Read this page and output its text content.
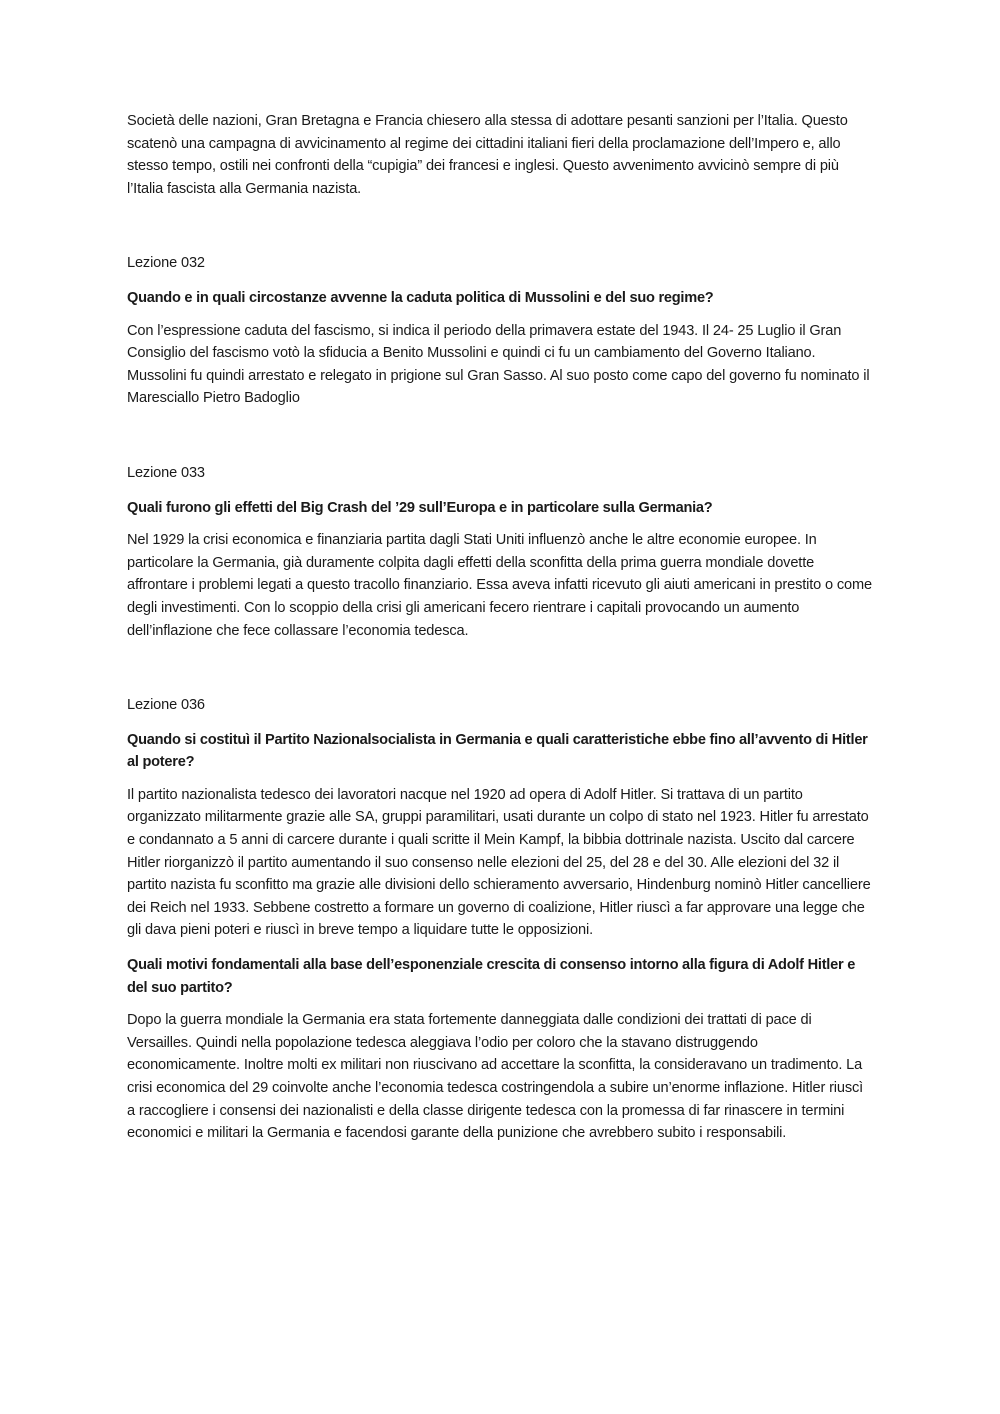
Società delle nazioni, Gran Bretagna e Francia chiesero alla stessa di adottare pesanti sanzioni per l’Italia. Questo scatenò una campagna di avvicinamento al regime dei cittadini italiani fieri della proclamazione dell’Impero e, allo stesso tempo, ostili nei confronti della “cupigia” dei francesi e inglesi. Questo avvenimento avvicinò sempre di più l’Italia fascista alla Germania nazista.

Lezione 032

Quando e in quali circostanze avvenne la caduta politica di Mussolini e del suo regime?

Con l’espressione caduta del fascismo, si indica il periodo della primavera estate del 1943. Il 24- 25 Luglio il Gran Consiglio del fascismo votò la sfiducia a Benito Mussolini e quindi ci fu un cambiamento del Governo Italiano. Mussolini fu quindi arrestato e relegato in prigione sul Gran Sasso. Al suo posto come capo del governo fu nominato il Maresciallo Pietro Badoglio

Lezione 033

Quali furono gli effetti del Big Crash del ’29 sull’Europa e in particolare sulla Germania?

Nel 1929 la crisi economica e finanziaria partita dagli Stati Uniti influenzò anche le altre economie europee. In particolare la Germania, già duramente colpita dagli effetti della sconfitta della prima guerra mondiale dovette affrontare i problemi legati a questo tracollo finanziario. Essa aveva infatti ricevuto gli aiuti americani in prestito o come degli investimenti. Con lo scoppio della crisi gli americani fecero rientrare i capitali provocando un aumento dell’inflazione che fece collassare l’economia tedesca.

Lezione 036

Quando si costituì il Partito Nazionalsocialista in Germania e quali caratteristiche ebbe fino all’avvento di Hitler al potere?

Il partito nazionalista tedesco dei lavoratori nacque nel 1920 ad opera di Adolf Hitler. Si trattava di un partito organizzato militarmente grazie alle SA, gruppi paramilitari, usati durante un colpo di stato nel 1923. Hitler fu arrestato e condannato a 5 anni di carcere durante i quali scritte il Mein Kampf, la bibbia dottrinale nazista. Uscito dal carcere Hitler riorganizzò il partito aumentando il suo consenso nelle elezioni del 25, del 28 e del 30. Alle elezioni del 32 il partito nazista fu sconfitto ma grazie alle divisioni dello schieramento avversario, Hindenburg nominò Hitler cancelliere dei Reich nel 1933. Sebbene costretto a formare un governo di coalizione, Hitler riuscì a far approvare una legge che gli dava pieni poteri e riuscì in breve tempo a liquidare tutte le opposizioni.

Quali motivi fondamentali alla base dell’esponenziale crescita di consenso intorno alla figura di Adolf Hitler e del suo partito?

Dopo la guerra mondiale la Germania era stata fortemente danneggiata dalle condizioni dei trattati di pace di Versailles. Quindi nella popolazione tedesca aleggiava l’odio per coloro che la stavano distruggendo economicamente. Inoltre molti ex militari non riuscivano ad accettare la sconfitta, la consideravano un tradimento. La crisi economica del 29 coinvolte anche l’economia tedesca costringendola a subire un’enorme inflazione. Hitler riuscì a raccogliere i consensi dei nazionalisti e della classe dirigente tedesca con la promessa di far rinascere in termini economici e militari la Germania e facendosi garante della punizione che avrebbero subito i responsabili.
